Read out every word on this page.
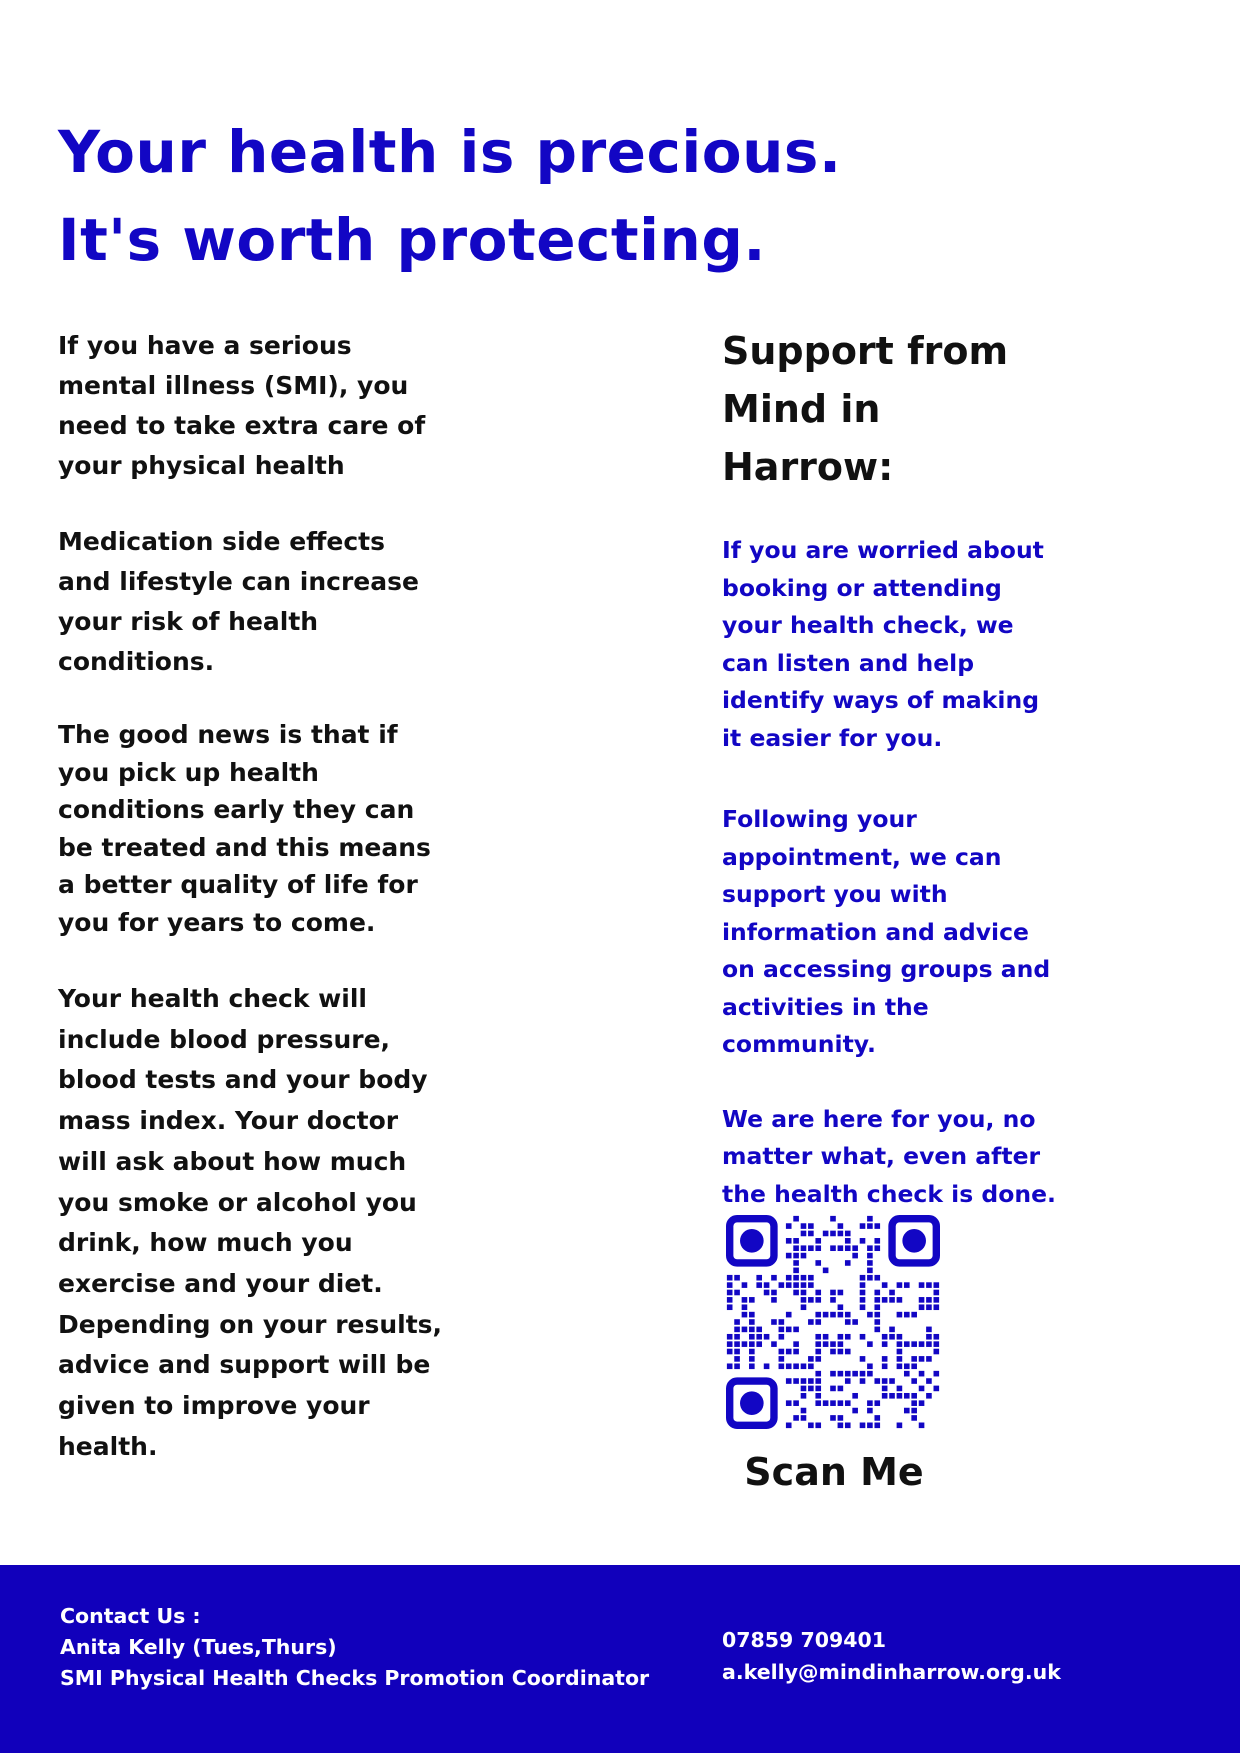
Your health is precious.
It's worth protecting.

If you have a serious mental illness (SMI), you need to take extra care of your physical health

Medication side effects and lifestyle can increase your risk of health conditions.

The good news is that if you pick up health conditions early they can be treated and this means a better quality of life for you for years to come.

Your health check will include blood pressure, blood tests and your body mass index. Your doctor will ask about how much you smoke or alcohol you drink, how much you exercise and your diet. Depending on your results, advice and support will be given to improve your health.

Support from Mind in Harrow:

If you are worried about booking or attending your health check, we can listen and help identify ways of making it easier for you.

Following your appointment, we can support you with information and advice on accessing groups and activities in the community.

We are here for you, no matter what, even after the health check is done.

Scan Me
Contact Us :
Anita Kelly (Tues,Thurs)
SMI Physical Health Checks Promotion Coordinator
07859 709401
a.kelly@mindinharrow.org.uk
